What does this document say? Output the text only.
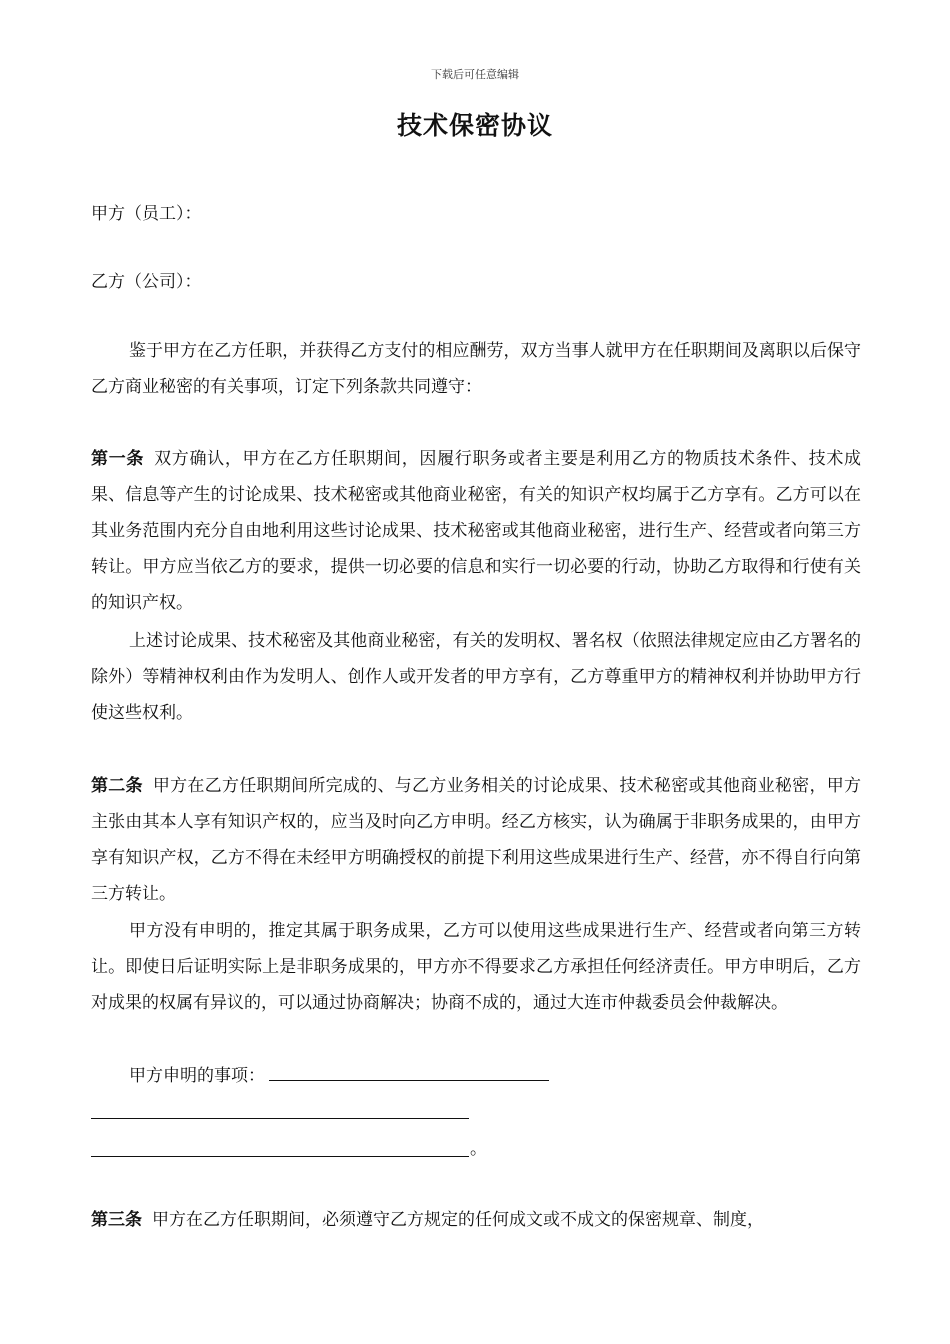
下载后可任意编辑
技术保密协议
甲方（员工）：
乙方（公司）：

鉴于甲方在乙方任职，并获得乙方支付的相应酬劳，双方当事人就甲方在任职期间及离职以后保守乙方商业秘密的有关事项，订定下列条款共同遵守：

第一条 双方确认，甲方在乙方任职期间，因履行职务或者主要是利用乙方的物质技术条件、技术成果、信息等产生的讨论成果、技术秘密或其他商业秘密，有关的知识产权均属于乙方享有。乙方可以在其业务范围内充分自由地利用这些讨论成果、技术秘密或其他商业秘密，进行生产、经营或者向第三方转让。甲方应当依乙方的要求，提供一切必要的信息和实行一切必要的行动，协助乙方取得和行使有关的知识产权。

上述讨论成果、技术秘密及其他商业秘密，有关的发明权、署名权（依照法律规定应由乙方署名的除外）等精神权利由作为发明人、创作人或开发者的甲方享有，乙方尊重甲方的精神权利并协助甲方行使这些权利。

第二条 甲方在乙方任职期间所完成的、与乙方业务相关的讨论成果、技术秘密或其他商业秘密，甲方主张由其本人享有知识产权的，应当及时向乙方申明。经乙方核实，认为确属于非职务成果的，由甲方享有知识产权，乙方不得在未经甲方明确授权的前提下利用这些成果进行生产、经营，亦不得自行向第三方转让。

甲方没有申明的，推定其属于职务成果，乙方可以使用这些成果进行生产、经营或者向第三方转让。即使日后证明实际上是非职务成果的，甲方亦不得要求乙方承担任何经济责任。甲方申明后，乙方对成果的权属有异议的，可以通过协商解决；协商不成的，通过大连市仲裁委员会仲裁解决。

甲方申明的事项：

。

第三条 甲方在乙方任职期间，必须遵守乙方规定的任何成文或不成文的保密规章、制度，
